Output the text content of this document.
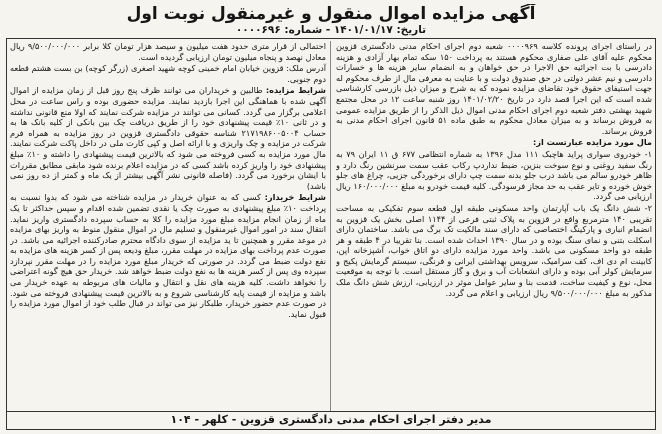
آگهی مزایده اموال منقول و غیرمنقول نوبت اول
تاریخ: ۱۴۰۱/۰۱/۱۷ - شماره: ۰۰۰۰۶۹۶

در راستای اجرای پرونده کلاسه ۰۰۰۰۹۶۹ شعبه دوم اجرای احکام مدنی دادگستری قزوین محکوم علیه آقای علی صفاری محکوم هستند به پرداخت ۱۵۰ سکه تمام بهار آزادی و هزینه دادرسی با بت اجرائیه حق الاجرا در حق خواهان و به انضمام سایر هزینه ها و خسارات دادرسی و نیم عشر دولتی در حق صندوق دولت و با عنایت به معرفی مال از طرف محکوم له جهت استیفای حقوق خود تقاضای مزایده نموده که به شرح و میزان ذیل بازرسی کارشناسی شده است که این اجرا قصد دارد در تاریخ ۱۴۰۱/۰۲/۲۰ روز شنبه ساعت ۱۲ در محل مجتمع شهید بهشتی دفتر شعبه دوم اجرای احکام مدنی اموال ذیل الذکر را از طریق مزایده عمومی به فروش برساند و به میزان معادل محکوم به طبق ماده ۵۱ قانون اجرای احکام مدنی به فروش برساند.

مال مورد مزایده عبارتست از:

۱- خودروی سواری پراید هاچبک ۱۱۱ مدل ۱۳۹۶ به شماره انتظامی ۶۷۷ ق ۱۱ ایران ۷۹ به رنگ سفید روغنی و نوع سوخت بنزین، ضبط نداردپ رکاب عقب سمت سرنشین رنگ دارد و ظاهر خودرو سالم می باشد درب جلو بدنه سمت چپ دارای برخوردگی جزیی، چراغ های جلو خوش خورده و تایر عقب به حد مجاز فرسودگی. کلیه قیمت خودرو به مبلغ ۱۶۰/۰۰۰/۰۰۰ ریال ارزیابی می گردد.

۲- شش دانگ یک باب آپارتمان واحد مسکونی طبقه اول قطعه سوم تفکیکی به مساحت تقریبی ۱۴۰ مترمربع واقع در قزوین به پلاک ثبتی فرعی از ۱۱۴۴ اصلی بخش یک قزوین به انضمام انباری و پارکینگ اختصاصی که دارای سند مالکیت تک برگ می باشد. ساختمان دارای اسکلت بتنی و نمای سنگ بوده و در سال ۱۳۹۰ احداث شده است. بنا تقریبا در ۴ طبقه و هر طبقه دو واحد مسکونی می باشد. واحد مورد مزایده دارای دو اتاق خواب، آشپزخانه اپن، کابینت ام دی اف، کف سرامیک، سرویس بهداشتی ایرانی و فرنگی، سیستم گرمایش پکیج و سرمایش کولر آبی بوده و دارای انشعابات آب و برق و گاز مستقل است. با توجه به موقعیت محل، نوع و کیفیت ساخت، قدمت بنا و سایر عوامل موثر در ارزیابی، ارزش شش دانگ ملک مذکور به مبلغ ۹/۵۰۰/۰۰۰/۰۰۰ ریال ارزیابی و اعلام می گردد.

احتمالی از قرار متری حدود هفت میلیون و سیصد هزار تومان کلا برابر ۹/۵۰۰/۰۰۰/۰۰۰ ریال معادل نهصد و پنجاه میلیون تومان ارزیابی گردیده است.

آدرس ملک: قزوین خیابان امام خمینی کوچه شهید اصغری (زرگر کوچه) بن بست هشتم قطعه دوم جنوبی.

شرایط مزایده: طالبین و خریداران می توانند ظرف پنج روز قبل از زمان مزایده از اموال آگهی شده با هماهنگی این اجرا بازدید نمایند. مزایده حضوری بوده و راس ساعت در محل اعلامی برگزار می گردد. کسانی می توانند در مزایده شرکت نمایند که اولا منع قانونی نداشته و در ثانی ۱۰٪ قیمت پیشنهادی خود را از طریق دریافت چک بین بانکی از کلیه بانک ها به حساب ۲۱۷۱۹۸۶۰۰۵۰۰۴ شناسه حقوقی دادگستری قزوین در روز مزایده به همراه فرم شرکت در مزایده و چک واریزی و با ارائه اصل و کپی کارت ملی در داخل پاکت شرکت نمایند. مال مورد مزایده به کسی فروخته می شود که بالاترین قیمت پیشنهادی را داشته و ۱۰٪ مبلغ پیشنهادی خود را واریز کرده باشد کسی که در مزایده اعلام برنده شود مابقی مطابق مقررات با ایشان برخورد می گردد. (فاصله قانونی نشر آگهی بیشتر از یک ماه و کمتر از ده روز نمی باشد)

شرایط خریدار: کسی که به عنوان خریدار در مزایده شناخته می شود که بدوا نسبت به پرداخت ۱۰٪ مبلغ پیشنهادی به صورت چک یا نقدی تضمین شده اقدام و سپس حداکثر تا یک ماه از زمان انجام مزایده مبلغ مورد مزایده را کلا به حساب سپرده دادگستری واریز نماید. انتقال سند در امور اموال غیرمنقول و تسلیم مال در اموال منقول منوط به واریز بهای مزایده در موعد مقرر و همچنین تا ید مزایده از سوی دادگاه محترم صادرکننده اجرائیه می باشد. در صورت عدم پرداخت بهای مزایده در مهلت مقرر، مبلغ ودیعه پس از کسر هزینه های مزایده به نفع دولت ضبط می گردد. در صورتی که خریدار مبلغ مورد مزایده را در مهلت مقرر نپردازد سپرده وی پس از کسر هزینه ها به نفع دولت ضبط خواهد شد. خریدار حق هیچ گونه اعتراضی را نخواهد داشت. کلیه هزینه های نقل و انتقال و مالیات های مربوطه به عهده خریدار می باشد و مزایده از قیمت پایه کارشناسی شروع و به بالاترین قیمت پیشنهادی فروخته می شود. در صورت عدم حضور خریدار، طلبکار نیز می تواند در قبال طلب خود از اموال مورد مزایده را قبول نماید.

مدیر دفتر اجرای احکام مدنی دادگستری قزوین - کلهر - ۱۰۴
